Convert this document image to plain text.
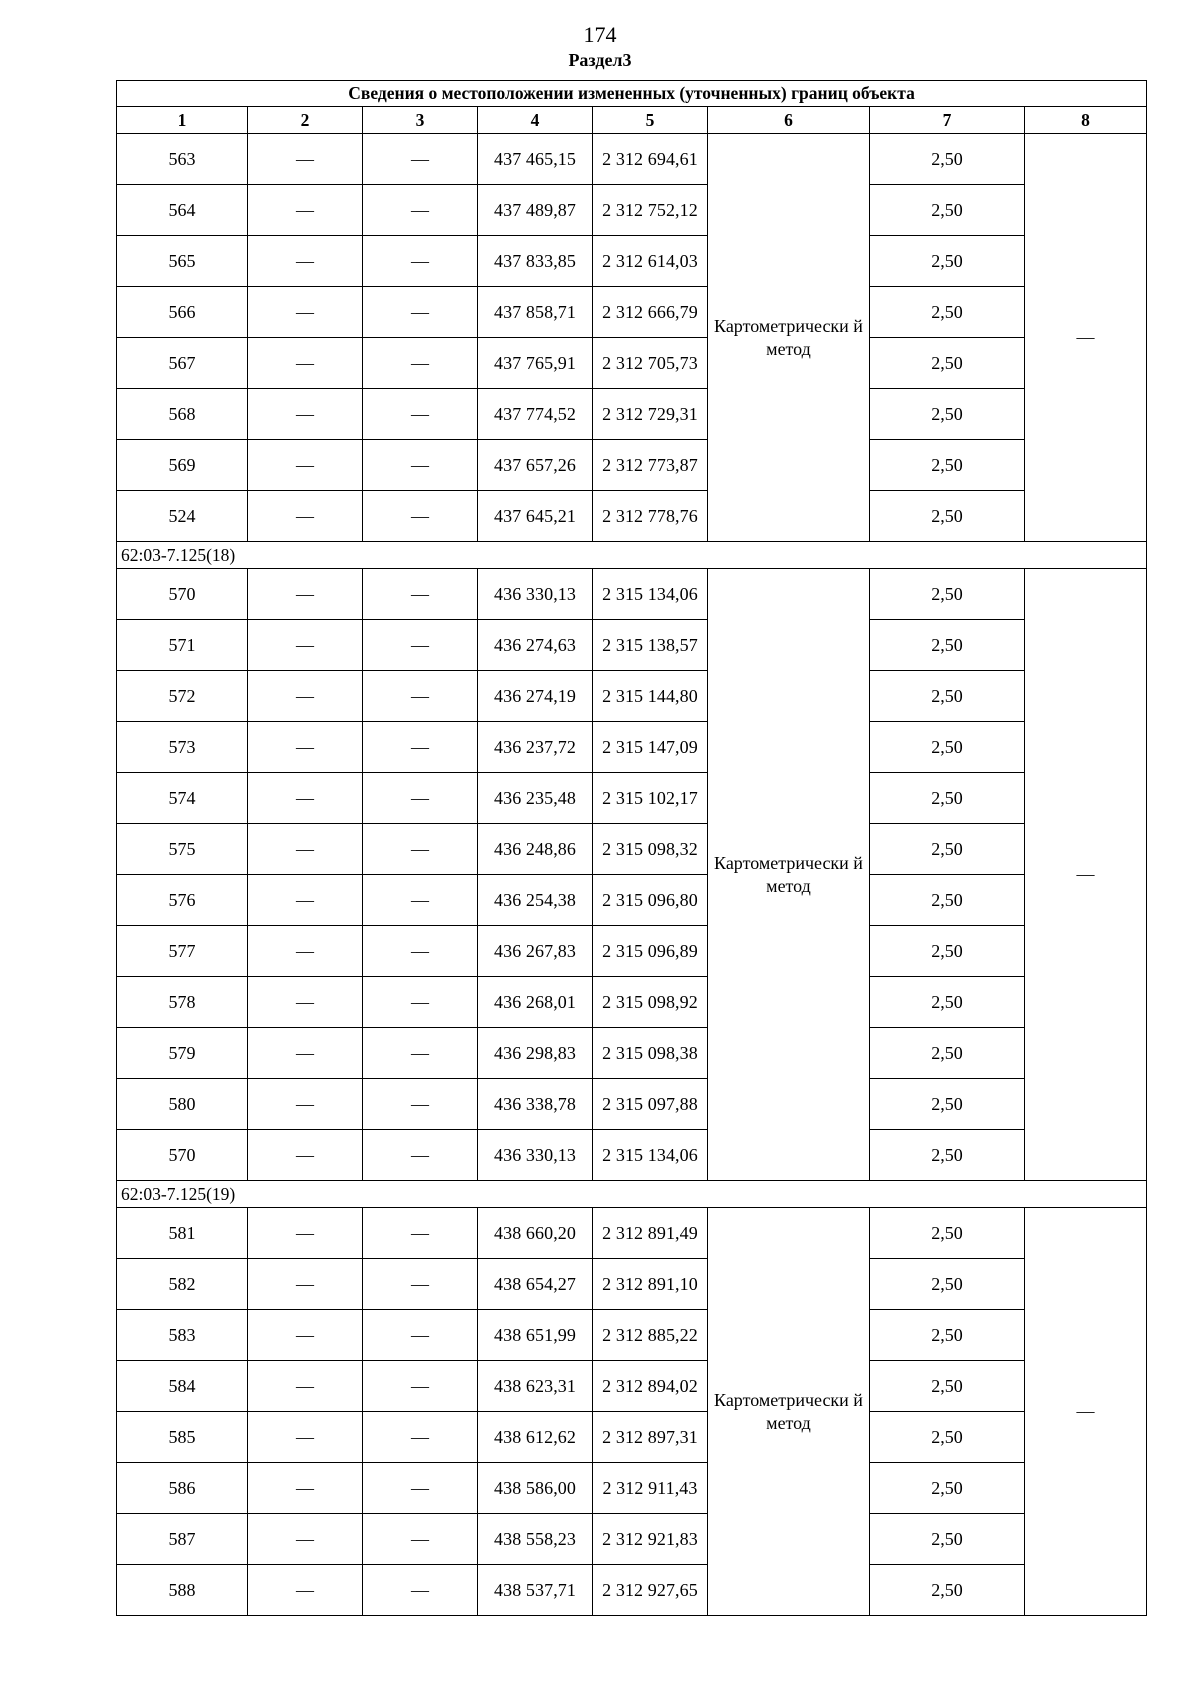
174
Раздел3
Сведения о местоположении измененных (уточненных) границ объекта							
1	2	3	4	5	6	7	8
563	—	—	437 465,15	2 312 694,61	Картометрически й метод	2,50	—
564	—	—	437 489,87	2 312 752,12		2,50	
565	—	—	437 833,85	2 312 614,03		2,50	
566	—	—	437 858,71	2 312 666,79		2,50	
567	—	—	437 765,91	2 312 705,73		2,50	
568	—	—	437 774,52	2 312 729,31		2,50	
569	—	—	437 657,26	2 312 773,87		2,50	
524	—	—	437 645,21	2 312 778,76		2,50	
62:03-7.125(18)							
570	—	—	436 330,13	2 315 134,06	Картометрически й метод	2,50	—
571	—	—	436 274,63	2 315 138,57		2,50	
572	—	—	436 274,19	2 315 144,80		2,50	
573	—	—	436 237,72	2 315 147,09		2,50	
574	—	—	436 235,48	2 315 102,17		2,50	
575	—	—	436 248,86	2 315 098,32		2,50	
576	—	—	436 254,38	2 315 096,80		2,50	
577	—	—	436 267,83	2 315 096,89		2,50	
578	—	—	436 268,01	2 315 098,92		2,50	
579	—	—	436 298,83	2 315 098,38		2,50	
580	—	—	436 338,78	2 315 097,88		2,50	
570	—	—	436 330,13	2 315 134,06		2,50	
62:03-7.125(19)							
581	—	—	438 660,20	2 312 891,49	Картометрически й метод	2,50	—
582	—	—	438 654,27	2 312 891,10		2,50	
583	—	—	438 651,99	2 312 885,22		2,50	
584	—	—	438 623,31	2 312 894,02		2,50	
585	—	—	438 612,62	2 312 897,31		2,50	
586	—	—	438 586,00	2 312 911,43		2,50	
587	—	—	438 558,23	2 312 921,83		2,50	
588	—	—	438 537,71	2 312 927,65		2,50	
